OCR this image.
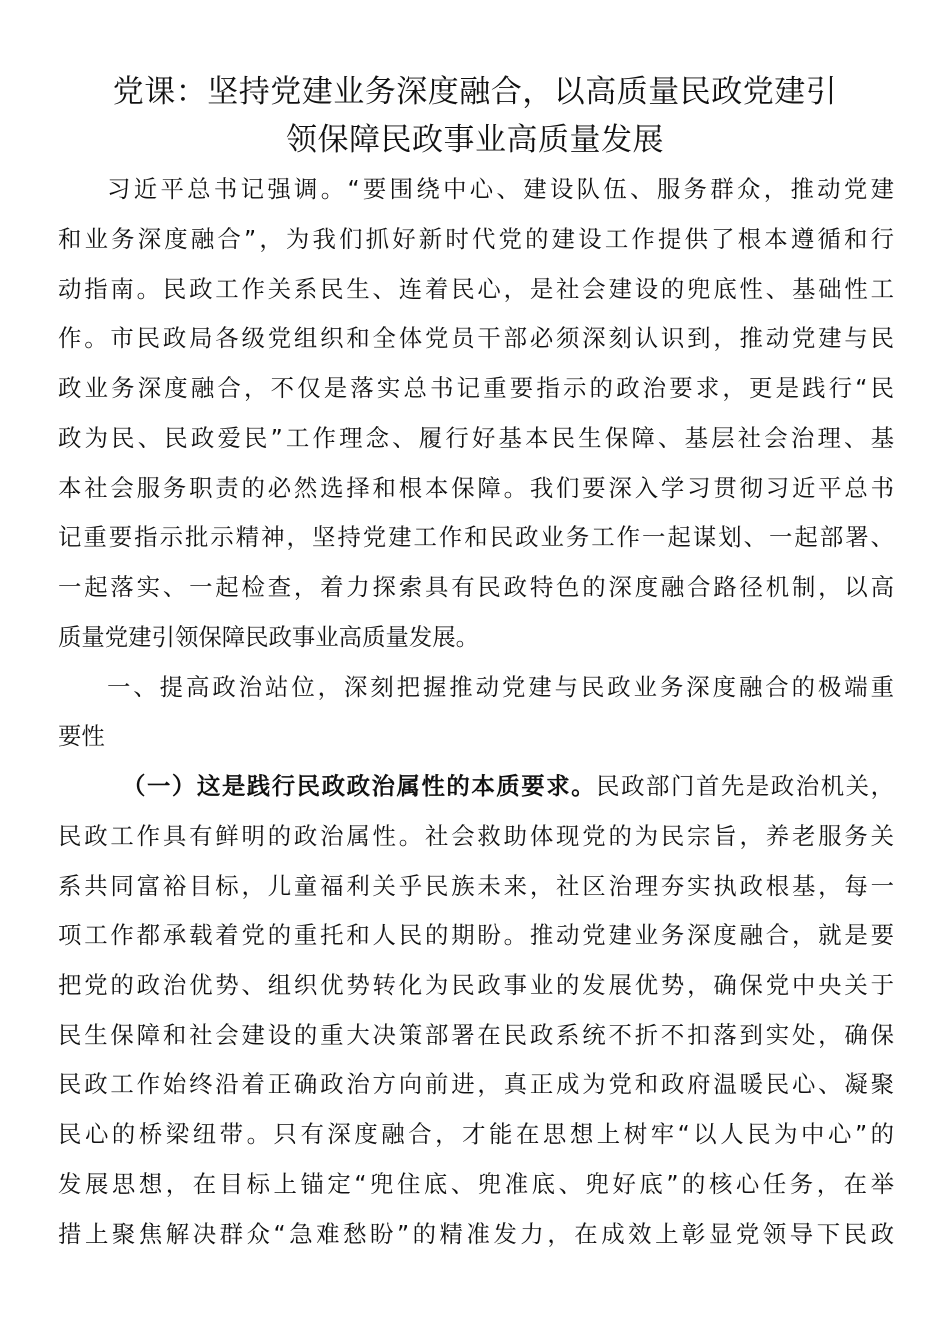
党课：坚持党建业务深度融合，以高质量民政党建引
领保障民政事业高质量发展

习近平总书记强调。“要围绕中心、建设队伍、服务群众，推动党建

和业务深度融合”，为我们抓好新时代党的建设工作提供了根本遵循和行

动指南。民政工作关系民生、连着民心，是社会建设的兜底性、基础性工

作。市民政局各级党组织和全体党员干部必须深刻认识到，推动党建与民

政业务深度融合，不仅是落实总书记重要指示的政治要求，更是践行“民

政为民、民政爱民”工作理念、履行好基本民生保障、基层社会治理、基

本社会服务职责的必然选择和根本保障。我们要深入学习贯彻习近平总书

记重要指示批示精神，坚持党建工作和民政业务工作一起谋划、一起部署、

一起落实、一起检查，着力探索具有民政特色的深度融合路径机制，以高

质量党建引领保障民政事业高质量发展。

一、提高政治站位，深刻把握推动党建与民政业务深度融合的极端重

要性

（一）这是践行民政政治属性的本质要求。民政部门首先是政治机关，

民政工作具有鲜明的政治属性。社会救助体现党的为民宗旨，养老服务关

系共同富裕目标，儿童福利关乎民族未来，社区治理夯实执政根基，每一

项工作都承载着党的重托和人民的期盼。推动党建业务深度融合，就是要

把党的政治优势、组织优势转化为民政事业的发展优势，确保党中央关于

民生保障和社会建设的重大决策部署在民政系统不折不扣落到实处，确保

民政工作始终沿着正确政治方向前进，真正成为党和政府温暖民心、凝聚

民心的桥梁纽带。只有深度融合，才能在思想上树牢“以人民为中心”的

发展思想，在目标上锚定“兜住底、兜准底、兜好底”的核心任务，在举

措上聚焦解决群众“急难愁盼”的精准发力，在成效上彰显党领导下民政
